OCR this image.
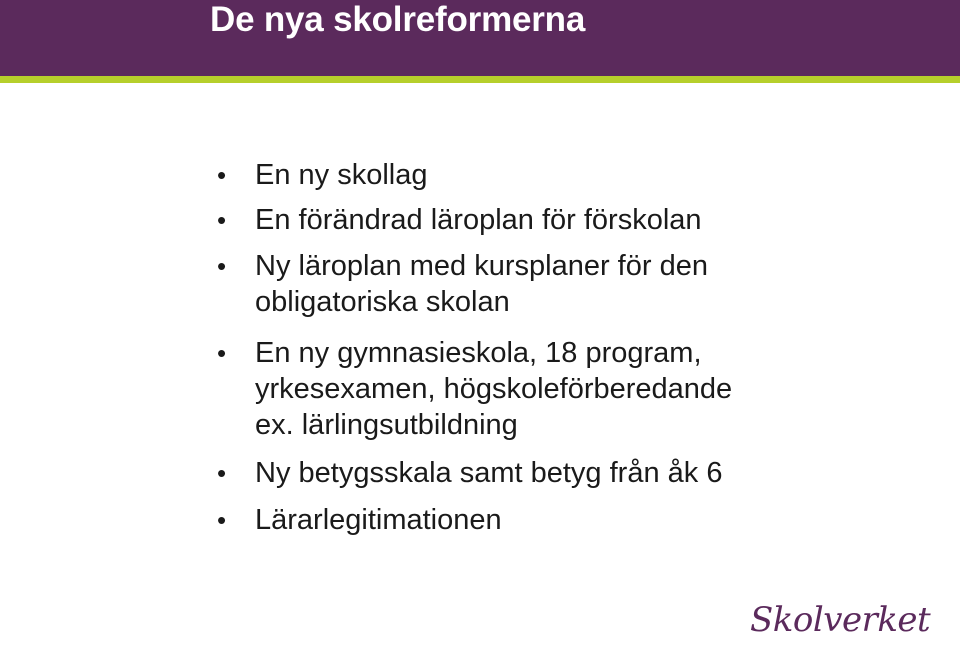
De nya skolreformerna
• En ny skollag
• En förändrad läroplan för förskolan
• Ny läroplan med kursplaner för den
obligatoriska skolan
• En ny gymnasieskola, 18 program,
yrkesexamen, högskoleförberedande
ex. lärlingsutbildning
• Ny betygsskala samt betyg från åk 6
• Lärarlegitimationen
Skolverket
